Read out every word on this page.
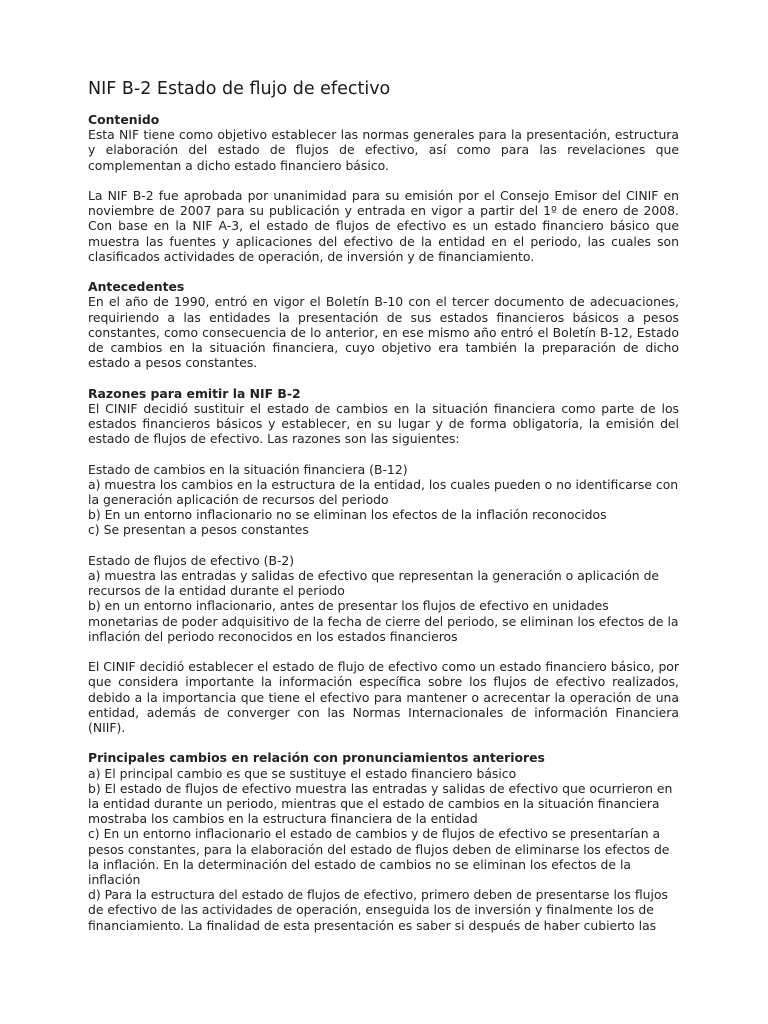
NIF B-2 Estado de flujo de efectivo
Contenido

Esta NIF tiene como objetivo establecer las normas generales para la presentación, estructura y elaboración del estado de flujos de efectivo, así como para las revelaciones que complementan a dicho estado financiero básico.

La NIF B-2 fue aprobada por unanimidad para su emisión por el Consejo Emisor del CINIF en noviembre de 2007 para su publicación y entrada en vigor a partir del 1º de enero de 2008. Con base en la NIF A-3, el estado de flujos de efectivo es un estado financiero básico que muestra las fuentes y aplicaciones del efectivo de la entidad en el periodo, las cuales son clasificados actividades de operación, de inversión y de financiamiento.

Antecedentes

En el año de 1990, entró en vigor el Boletín B-10 con el tercer documento de adecuaciones, requiriendo a las entidades la presentación de sus estados financieros básicos a pesos constantes, como consecuencia de lo anterior, en ese mismo año entró el Boletín B-12, Estado de cambios en la situación financiera, cuyo objetivo era también la preparación de dicho estado a pesos constantes.

Razones para emitir la NIF B-2

El CINIF decidió sustituir el estado de cambios en la situación financiera como parte de los estados financieros básicos y establecer, en su lugar y de forma obligatoria, la emisión del estado de flujos de efectivo. Las razones son las siguientes:

Estado de cambios en la situación financiera (B-12)
a) muestra los cambios en la estructura de la entidad, los cuales pueden o no identificarse con la generación aplicación de recursos del periodo
b) En un entorno inflacionario no se eliminan los efectos de la inflación reconocidos
c) Se presentan a pesos constantes
Estado de flujos de efectivo (B-2)
a) muestra las entradas y salidas de efectivo que representan la generación o aplicación de recursos de la entidad durante el periodo
b) en un entorno inflacionario, antes de presentar los flujos de efectivo en unidades monetarias de poder adquisitivo de la fecha de cierre del periodo, se eliminan los efectos de la inflación del periodo reconocidos en los estados financieros

El CINIF decidió establecer el estado de flujo de efectivo como un estado financiero básico, por que considera importante la información específica sobre los flujos de efectivo realizados, debido a la importancia que tiene el efectivo para mantener o acrecentar la operación de una entidad, además de converger con las Normas Internacionales de información Financiera (NIIF).

Principales cambios en relación con pronunciamientos anteriores
a) El principal cambio es que se sustituye el estado financiero básico
b) El estado de flujos de efectivo muestra las entradas y salidas de efectivo que ocurrieron en la entidad durante un periodo, mientras que el estado de cambios en la situación financiera mostraba los cambios en la estructura financiera de la entidad
c) En un entorno inflacionario el estado de cambios y de flujos de efectivo se presentarían a pesos constantes, para la elaboración del estado de flujos deben de eliminarse los efectos de la inflación. En la determinación del estado de cambios no se eliminan los efectos de la inflación
d) Para la estructura del estado de flujos de efectivo, primero deben de presentarse los flujos de efectivo de las actividades de operación, enseguida los de inversión y finalmente los de financiamiento. La finalidad de esta presentación es saber si después de haber cubierto las
